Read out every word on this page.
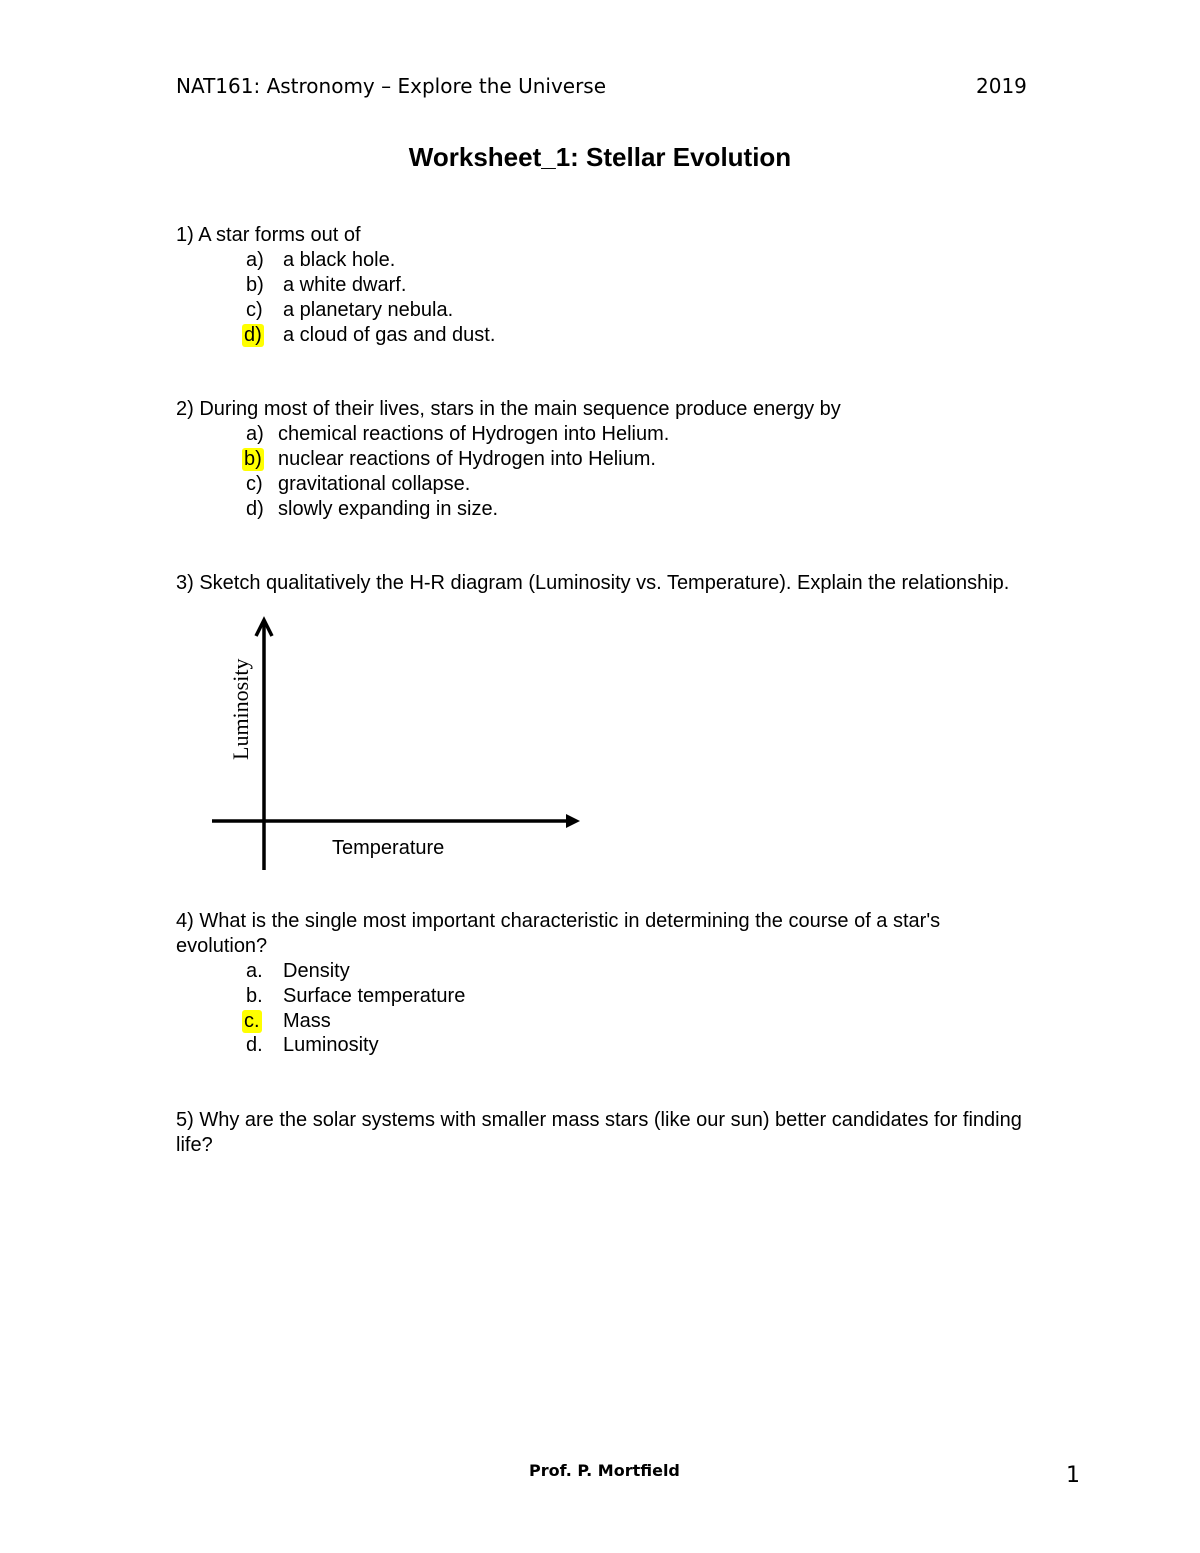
NAT161: Astronomy – Explore the Universe	2019
Worksheet_1: Stellar Evolution
1) A star forms out of
a) a black hole.
b) a white dwarf.
c) a planetary nebula.
d) a cloud of gas and dust.
2) During most of their lives, stars in the main sequence produce energy by
a) chemical reactions of Hydrogen into Helium.
b) nuclear reactions of Hydrogen into Helium.
c) gravitational collapse.
d) slowly expanding in size.
3) Sketch qualitatively the H-R diagram (Luminosity vs. Temperature). Explain the relationship.
Luminosity
Temperature
4) What is the single most important characteristic in determining the course of a star's
evolution?
a. Density
b. Surface temperature
c. Mass
d. Luminosity
5) Why are the solar systems with smaller mass stars (like our sun) better candidates for finding
life?
Prof. P. Mortfield	1
